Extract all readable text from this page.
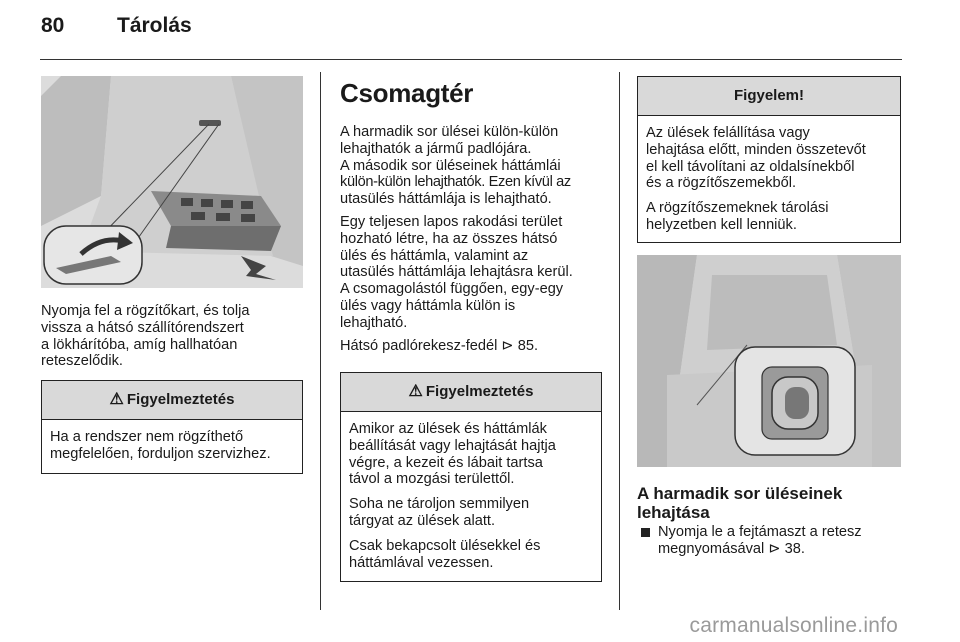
80	Tárolás
Nyomja fel a rögzítőkart, és tolja
vissza a hátsó szállítórendszert
a lökhárítóba, amíg hallhatóan
reteszelődik.
⚠ Figyelmeztetés
Ha a rendszer nem rögzíthető
megfelelően, forduljon szervizhez.
Csomagtér

A harmadik sor ülései külön-külön
lehajthatók a jármű padlójára.
A második sor üléseinek háttámlái
külön-külön lehajthatók. Ezen kívül az
utasülés háttámlája is lehajtható.

Egy teljesen lapos rakodási terület
hozható létre, ha az összes hátsó
ülés és háttámla, valamint az
utasülés háttámlája lehajtásra kerül.
A csomagolástól függően, egy-egy
ülés vagy háttámla külön is
lehajtható.

Hátsó padlórekesz-fedél ⊳ 85.

⚠ Figyelmeztetés

Amikor az ülések és háttámlák
beállítását vagy lehajtását hajtja
végre, a kezeit és lábait tartsa
távol a mozgási területtől.

Soha ne tároljon semmilyen
tárgyat az ülések alatt.

Csak bekapcsolt ülésekkel és
háttámlával vezessen.

Figyelem!

Az ülések felállítása vagy
lehajtása előtt, minden összetevőt
el kell távolítani az oldalsínekből
és a rögzítőszemekből.

A rögzítőszemeknek tárolási
helyzetben kell lenniük.

A harmadik sor üléseinek
lehajtása
Nyomja le a fejtámaszt a retesz
megnyomásával ⊳ 38.
carmanualsonline.info
